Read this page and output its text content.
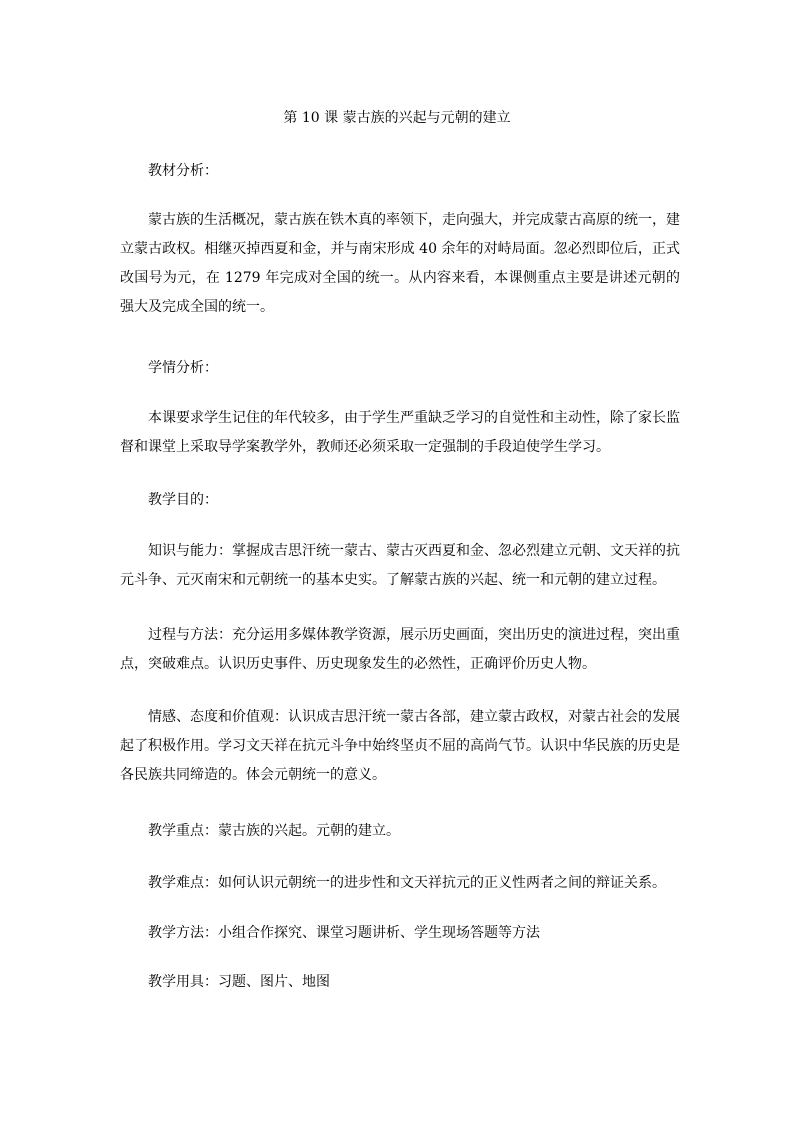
第 10 课 蒙古族的兴起与元朝的建立

教材分析：

蒙古族的生活概况，蒙古族在铁木真的率领下，走向强大，并完成蒙古高原的统一，建立蒙古政权。相继灭掉西夏和金，并与南宋形成 40 余年的对峙局面。忽必烈即位后，正式改国号为元，在 1279 年完成对全国的统一。从内容来看，本课侧重点主要是讲述元朝的强大及完成全国的统一。

学情分析：

本课要求学生记住的年代较多，由于学生严重缺乏学习的自觉性和主动性，除了家长监督和课堂上采取导学案教学外，教师还必须采取一定强制的手段迫使学生学习。

教学目的：

知识与能力：掌握成吉思汗统一蒙古、蒙古灭西夏和金、忽必烈建立元朝、文天祥的抗元斗争、元灭南宋和元朝统一的基本史实。了解蒙古族的兴起、统一和元朝的建立过程。

过程与方法：充分运用多媒体教学资源，展示历史画面，突出历史的演进过程，突出重点，突破难点。认识历史事件、历史现象发生的必然性，正确评价历史人物。

情感、态度和价值观：认识成吉思汗统一蒙古各部，建立蒙古政权，对蒙古社会的发展起了积极作用。学习文天祥在抗元斗争中始终坚贞不屈的高尚气节。认识中华民族的历史是各民族共同缔造的。体会元朝统一的意义。

教学重点：蒙古族的兴起。元朝的建立。

教学难点：如何认识元朝统一的进步性和文天祥抗元的正义性两者之间的辩证关系。

教学方法：小组合作探究、课堂习题讲析、学生现场答题等方法

教学用具：习题、图片、地图
